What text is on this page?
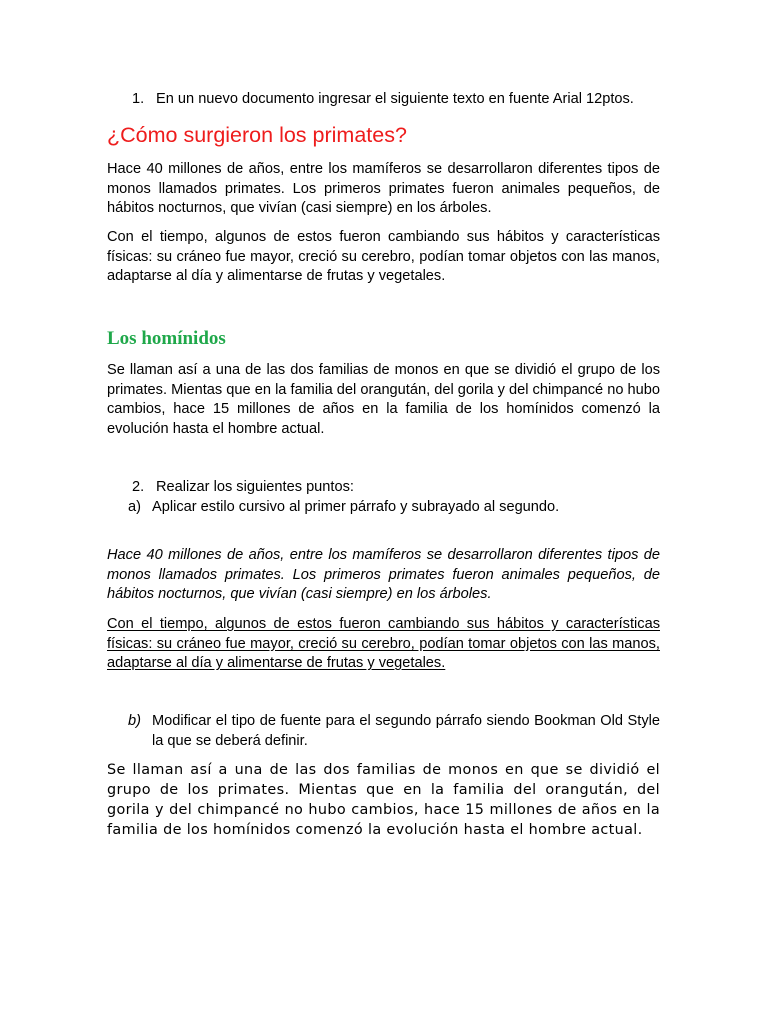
1. En un nuevo documento ingresar el siguiente texto en fuente Arial 12ptos.
¿Cómo surgieron los primates?

Hace 40 millones de años, entre los mamíferos se desarrollaron diferentes tipos de monos llamados primates. Los primeros primates fueron animales pequeños, de hábitos nocturnos, que vivían (casi siempre) en los árboles.

Con el tiempo, algunos de estos fueron cambiando sus hábitos y características físicas: su cráneo fue mayor, creció su cerebro, podían tomar objetos con las manos, adaptarse al día y alimentarse de frutas y vegetales.

Los homínidos

Se llaman así a una de las dos familias de monos en que se dividió el grupo de los primates. Mientas que en la familia del orangután, del gorila y del chimpancé no hubo cambios, hace 15 millones de años en la familia de los homínidos comenzó la evolución hasta el hombre actual.

2. Realizar los siguientes puntos:
a) Aplicar estilo cursivo al primer párrafo y subrayado al segundo.

Hace 40 millones de años, entre los mamíferos se desarrollaron diferentes tipos de monos llamados primates. Los primeros primates fueron animales pequeños, de hábitos nocturnos, que vivían (casi siempre) en los árboles.

Con el tiempo, algunos de estos fueron cambiando sus hábitos y características físicas: su cráneo fue mayor, creció su cerebro, podían tomar objetos con las manos, adaptarse al día y alimentarse de frutas y vegetales.

b) Modificar el tipo de fuente para el segundo párrafo siendo Bookman Old Style la que se deberá definir.

Se llaman así a una de las dos familias de monos en que se dividió el grupo de los primates. Mientas que en la familia del orangután, del gorila y del chimpancé no hubo cambios, hace 15 millones de años en la familia de los homínidos comenzó la evolución hasta el hombre actual.
